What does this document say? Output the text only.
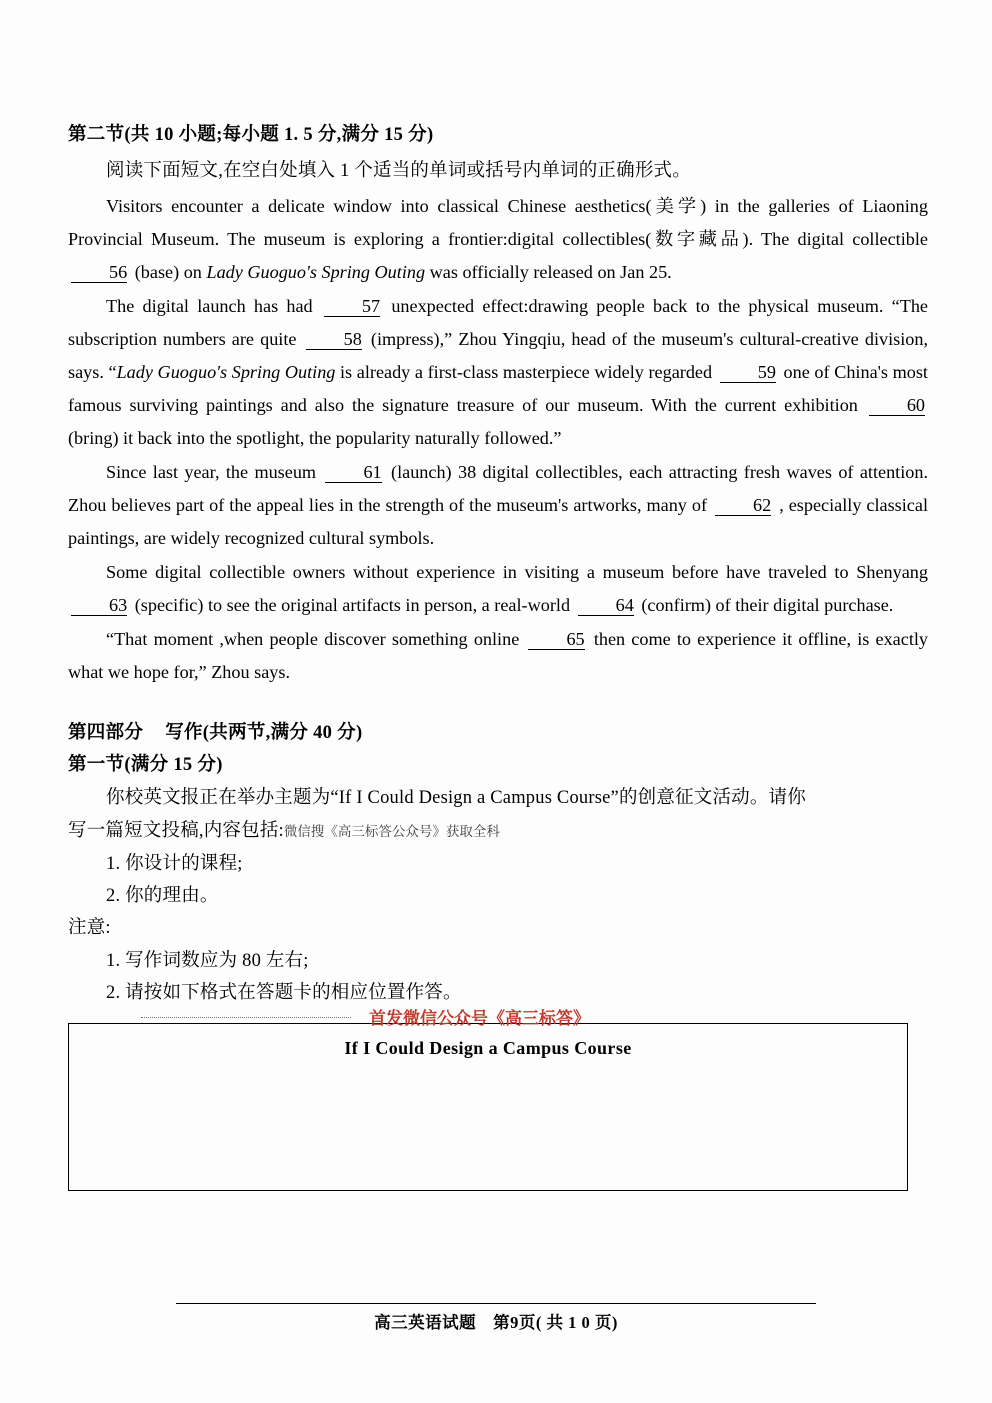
第二节(共 10 小题;每小题 1. 5 分,满分 15 分)
阅读下面短文,在空白处填入 1 个适当的单词或括号内单词的正确形式。

Visitors encounter a delicate window into classical Chinese aesthetics(美学) in the galleries of Liaoning Provincial Museum. The museum is exploring a frontier:digital collectibles(数字藏品). The digital collectible 56 (base) on Lady Guoguo's Spring Outing was officially released on Jan 25.

The digital launch has had	57 unexpected effect:drawing people back to the physical museum. “The subscription numbers are quite	58 (impress),” Zhou Yingqiu, head of the museum's cultural-creative division, says. “Lady Guoguo's Spring Outing is already a first-class masterpiece widely regarded	59 one of China's most famous surviving paintings and also the signature treasure of our museum. With the current exhibition	60 (bring) it back into the spotlight, the popularity naturally followed.”

Since last year, the museum	61 (launch) 38 digital collectibles, each attracting fresh waves of attention. Zhou believes part of the appeal lies in the strength of the museum's artworks, many of	62 , especially classical paintings, are widely recognized cultural symbols.

Some digital collectible owners without experience in visiting a museum before have traveled to Shenyang 63 (specific) to see the original artifacts in person, a real-world	64 (confirm) of their digital purchase.

“That moment ,when people discover something online	65 then come to experience it offline, is exactly what we hope for,” Zhou says.

第四部分 写作(共两节,满分 40 分)
第一节(满分 15 分)
你校英文报正在举办主题为“If I Could Design a Campus Course”的创意征文活动。请你
写一篇短文投稿,内容包括:微信搜《高三标答公众号》获取全科
1. 你设计的课程;
2. 你的理由。
注意:
1. 写作词数应为 80 左右;
2. 请按如下格式在答题卡的相应位置作答。
首发微信公众号《高三标答》
If I Could Design a Campus Course
高三英语试题　第9页( 共 1 0 页)
